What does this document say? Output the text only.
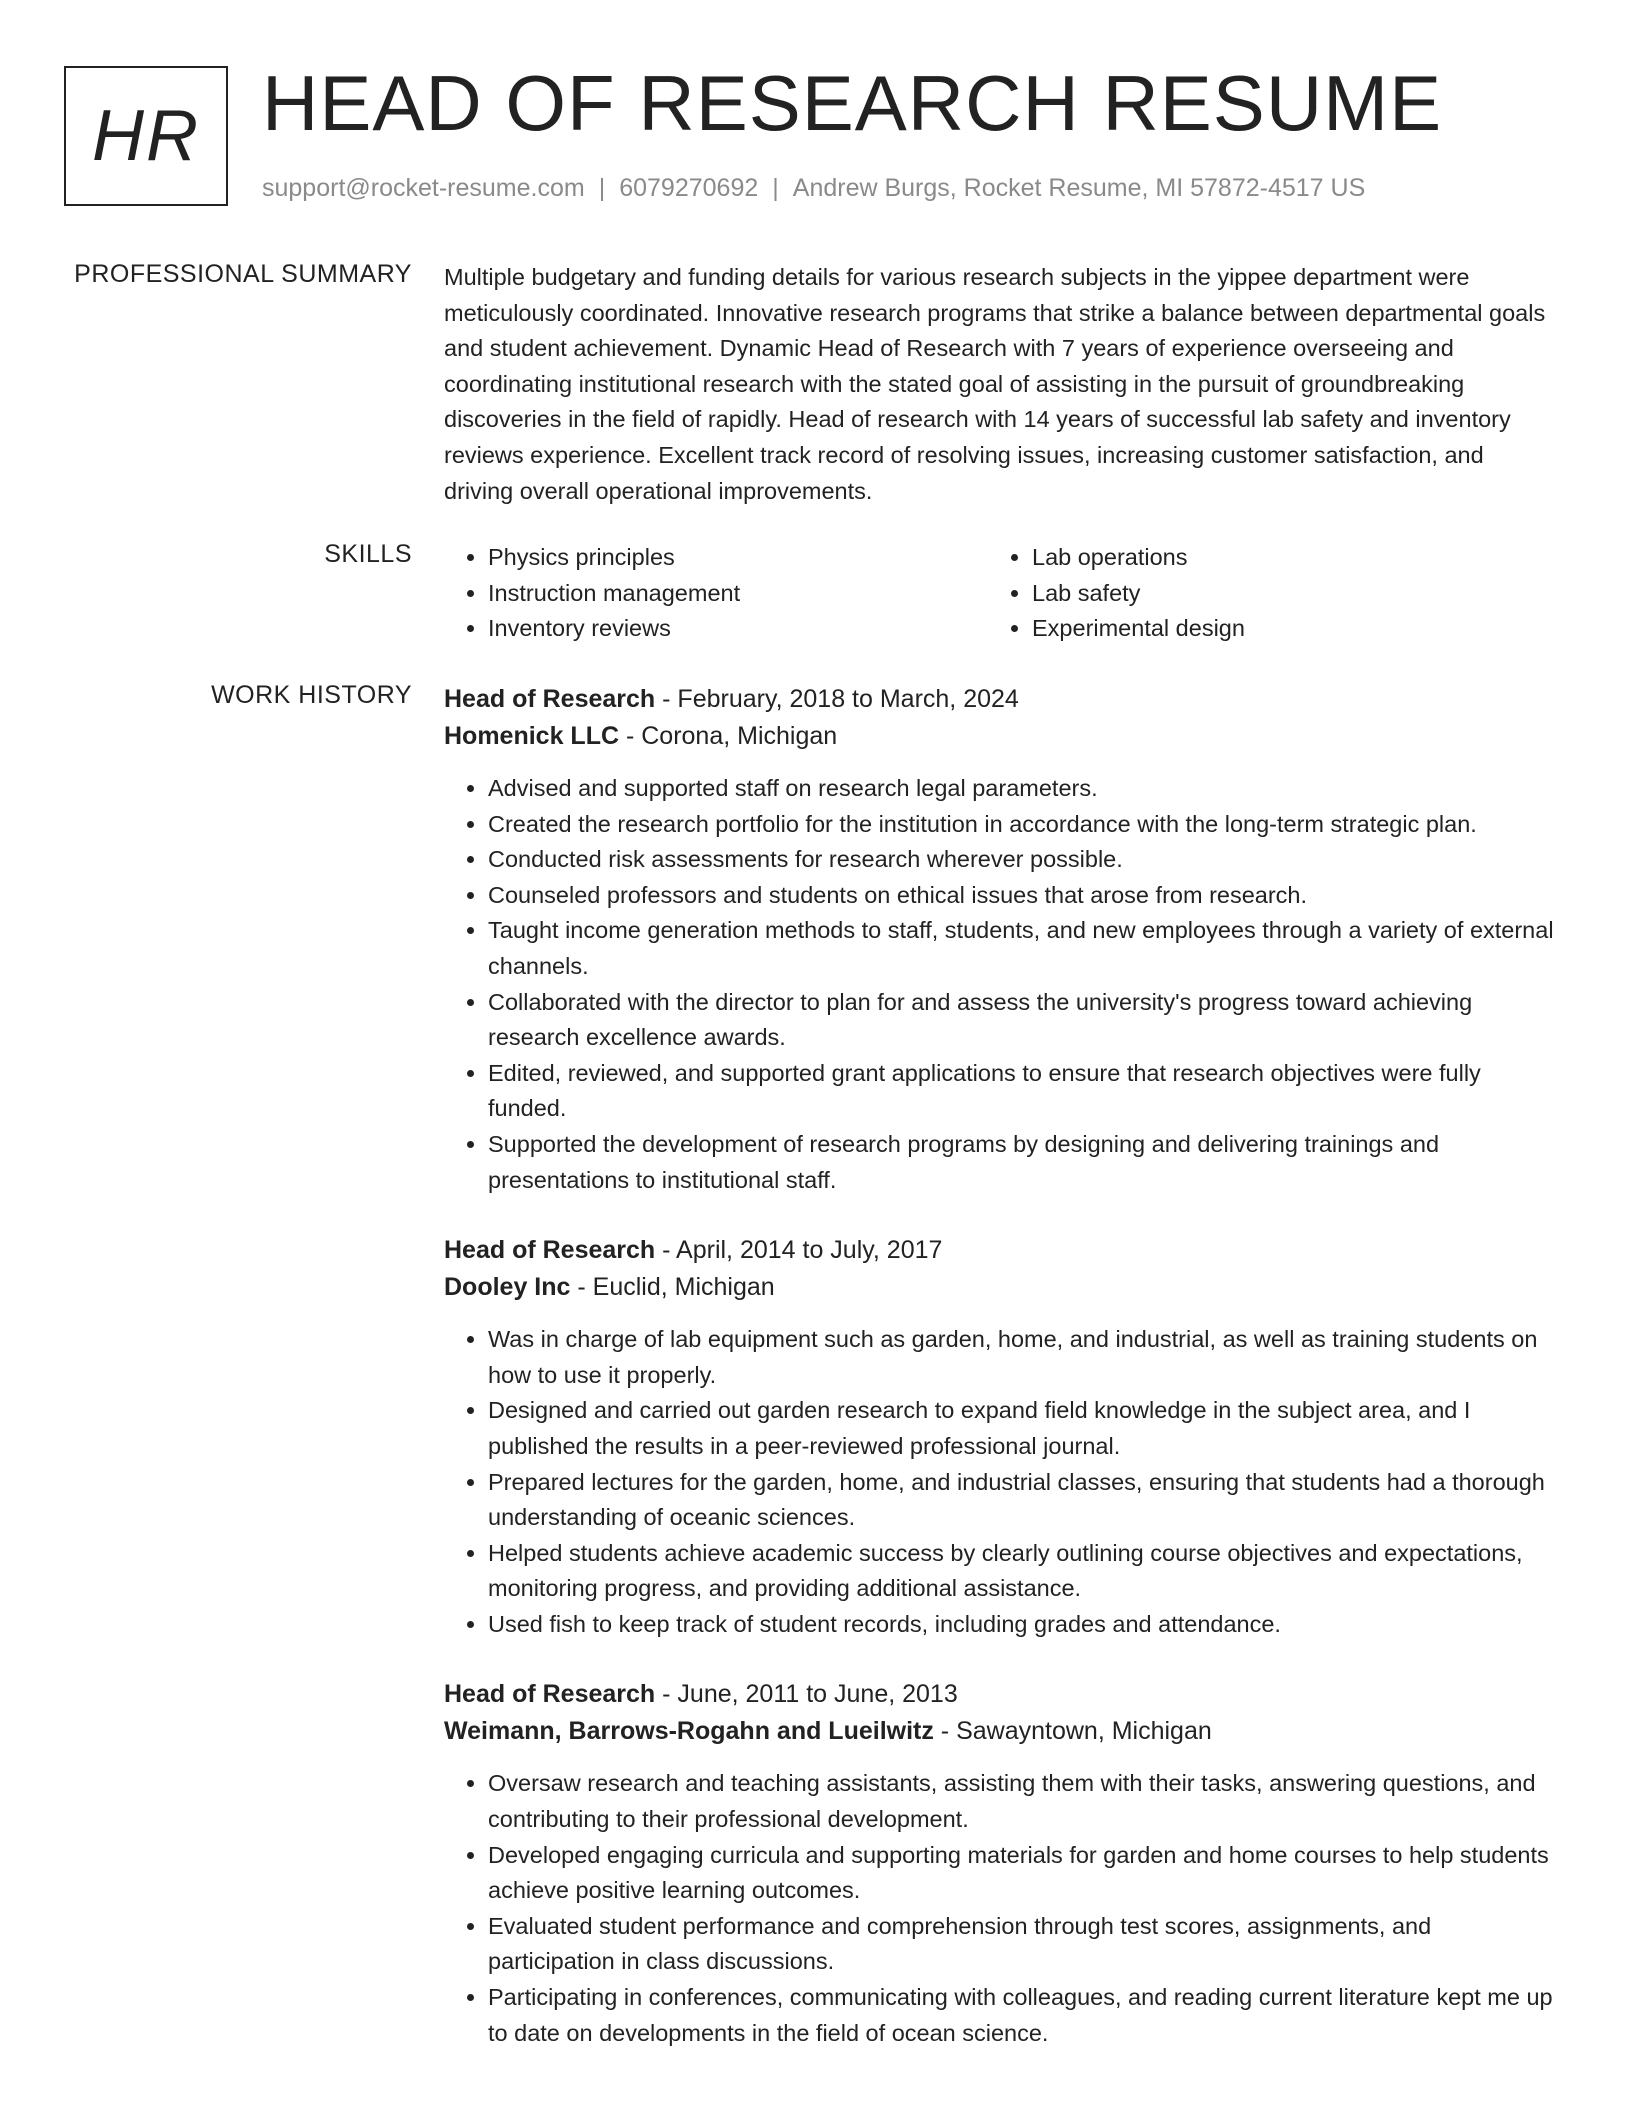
HR HEAD OF RESEARCH RESUME
support@rocket-resume.com | 6079270692 | Andrew Burgs, Rocket Resume, MI 57872-4517 US
PROFESSIONAL SUMMARY Multiple budgetary and funding details for various research subjects in the yippee department were meticulously coordinated. Innovative research programs that strike a balance between departmental goals and student achievement. Dynamic Head of Research with 7 years of experience overseeing and coordinating institutional research with the stated goal of assisting in the pursuit of groundbreaking discoveries in the field of rapidly. Head of research with 14 years of successful lab safety and inventory reviews experience. Excellent track record of resolving issues, increasing customer satisfaction, and driving overall operational improvements.

SKILLS	• Physics principles	• Lab operations
• Instruction management	• Lab safety
• Inventory reviews	• Experimental design
WORK HISTORY Head of Research - February, 2018 to March, 2024
Homenick LLC - Corona, Michigan
• Advised and supported staff on research legal parameters.
• Created the research portfolio for the institution in accordance with the long-term strategic plan.
• Conducted risk assessments for research wherever possible.
• Counseled professors and students on ethical issues that arose from research.
• Taught income generation methods to staff, students, and new employees through a variety of external channels.
• Collaborated with the director to plan for and assess the university's progress toward achieving research excellence awards.
• Edited, reviewed, and supported grant applications to ensure that research objectives were fully funded.
• Supported the development of research programs by designing and delivering trainings and presentations to institutional staff.
Head of Research - April, 2014 to July, 2017
Dooley Inc - Euclid, Michigan
• Was in charge of lab equipment such as garden, home, and industrial, as well as training students on how to use it properly.
• Designed and carried out garden research to expand field knowledge in the subject area, and I published the results in a peer-reviewed professional journal.
• Prepared lectures for the garden, home, and industrial classes, ensuring that students had a thorough understanding of oceanic sciences.
• Helped students achieve academic success by clearly outlining course objectives and expectations, monitoring progress, and providing additional assistance.
• Used fish to keep track of student records, including grades and attendance.
Head of Research - June, 2011 to June, 2013
Weimann, Barrows-Rogahn and Lueilwitz - Sawayntown, Michigan
• Oversaw research and teaching assistants, assisting them with their tasks, answering questions, and contributing to their professional development.
• Developed engaging curricula and supporting materials for garden and home courses to help students achieve positive learning outcomes.
• Evaluated student performance and comprehension through test scores, assignments, and participation in class discussions.
• Participating in conferences, communicating with colleagues, and reading current literature kept me up to date on developments in the field of ocean science.
